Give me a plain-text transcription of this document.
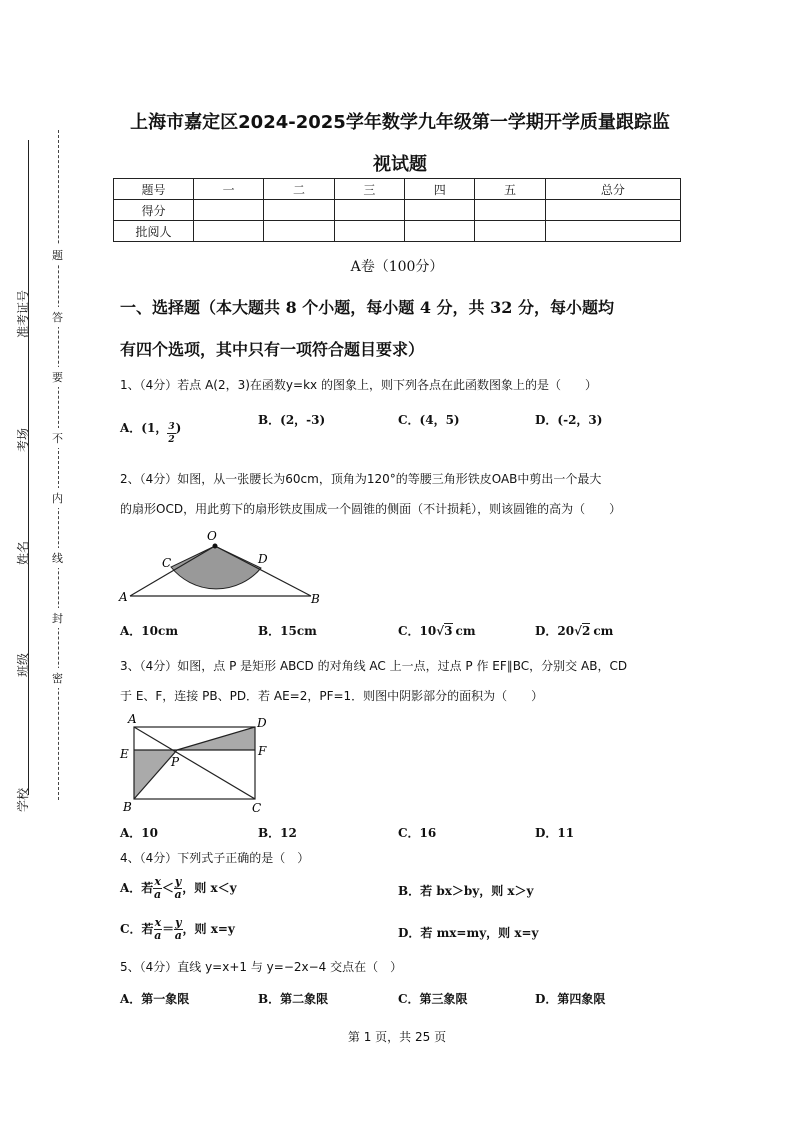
准考证号
考场
姓名
班级
学校
题
答
要
不
内
线
封
密
上海市嘉定区2024-2025学年数学九年级第一学期开学质量跟踪监
视试题
题号	一	二	三	四	五	总分
得分						
批阅人						
A卷（100分）
一、选择题（本大题共 8 个小题，每小题 4 分，共 32 分，每小题均
有四个选项，其中只有一项符合题目要求）
1、（4分）若点 A(2，3)在函数y=kx 的图象上，则下列各点在此函数图象上的是（　　）
A．(1， $\frac{3}{2}$ )
B．(2，-3)	C．(4，5)	D．(-2，3)
2、（4分）如图，从一张腰长为60cm，顶角为120°的等腰三角形铁皮OAB中剪出一个最大
的扇形OCD，用此剪下的扇形铁皮围成一个圆锥的侧面（不计损耗），则该圆锥的高为（　　）
O
C	D
A	B
A．10cm	B．15cm	C．10√3 cm	D．20√2 cm
3、（4分）如图，点 P 是矩形 ABCD 的对角线 AC 上一点，过点 P 作 EF∥BC，分别交 AB，CD
于 E、F，连接 PB、PD．若 AE=2，PF=1．则图中阴影部分的面积为（　　）
A	D
E	F
P
B	C
A．10	B．12	C．16	D．11
4、（4分）下列式子正确的是（　）
A．若 $\frac{x}{a} < \frac{y}{a}$ ，则 x＜y	B．若 bx＞by，则 x＞y
C．若 $\frac{x}{a} = \frac{y}{a}$ ，则 x=y	D．若 mx=my，则 x=y
5、（4分）直线 y=x+1 与 y=−2x−4 交点在（　）
A．第一象限	B．第二象限	C．第三象限	D．第四象限
第 1 页，共 25 页
